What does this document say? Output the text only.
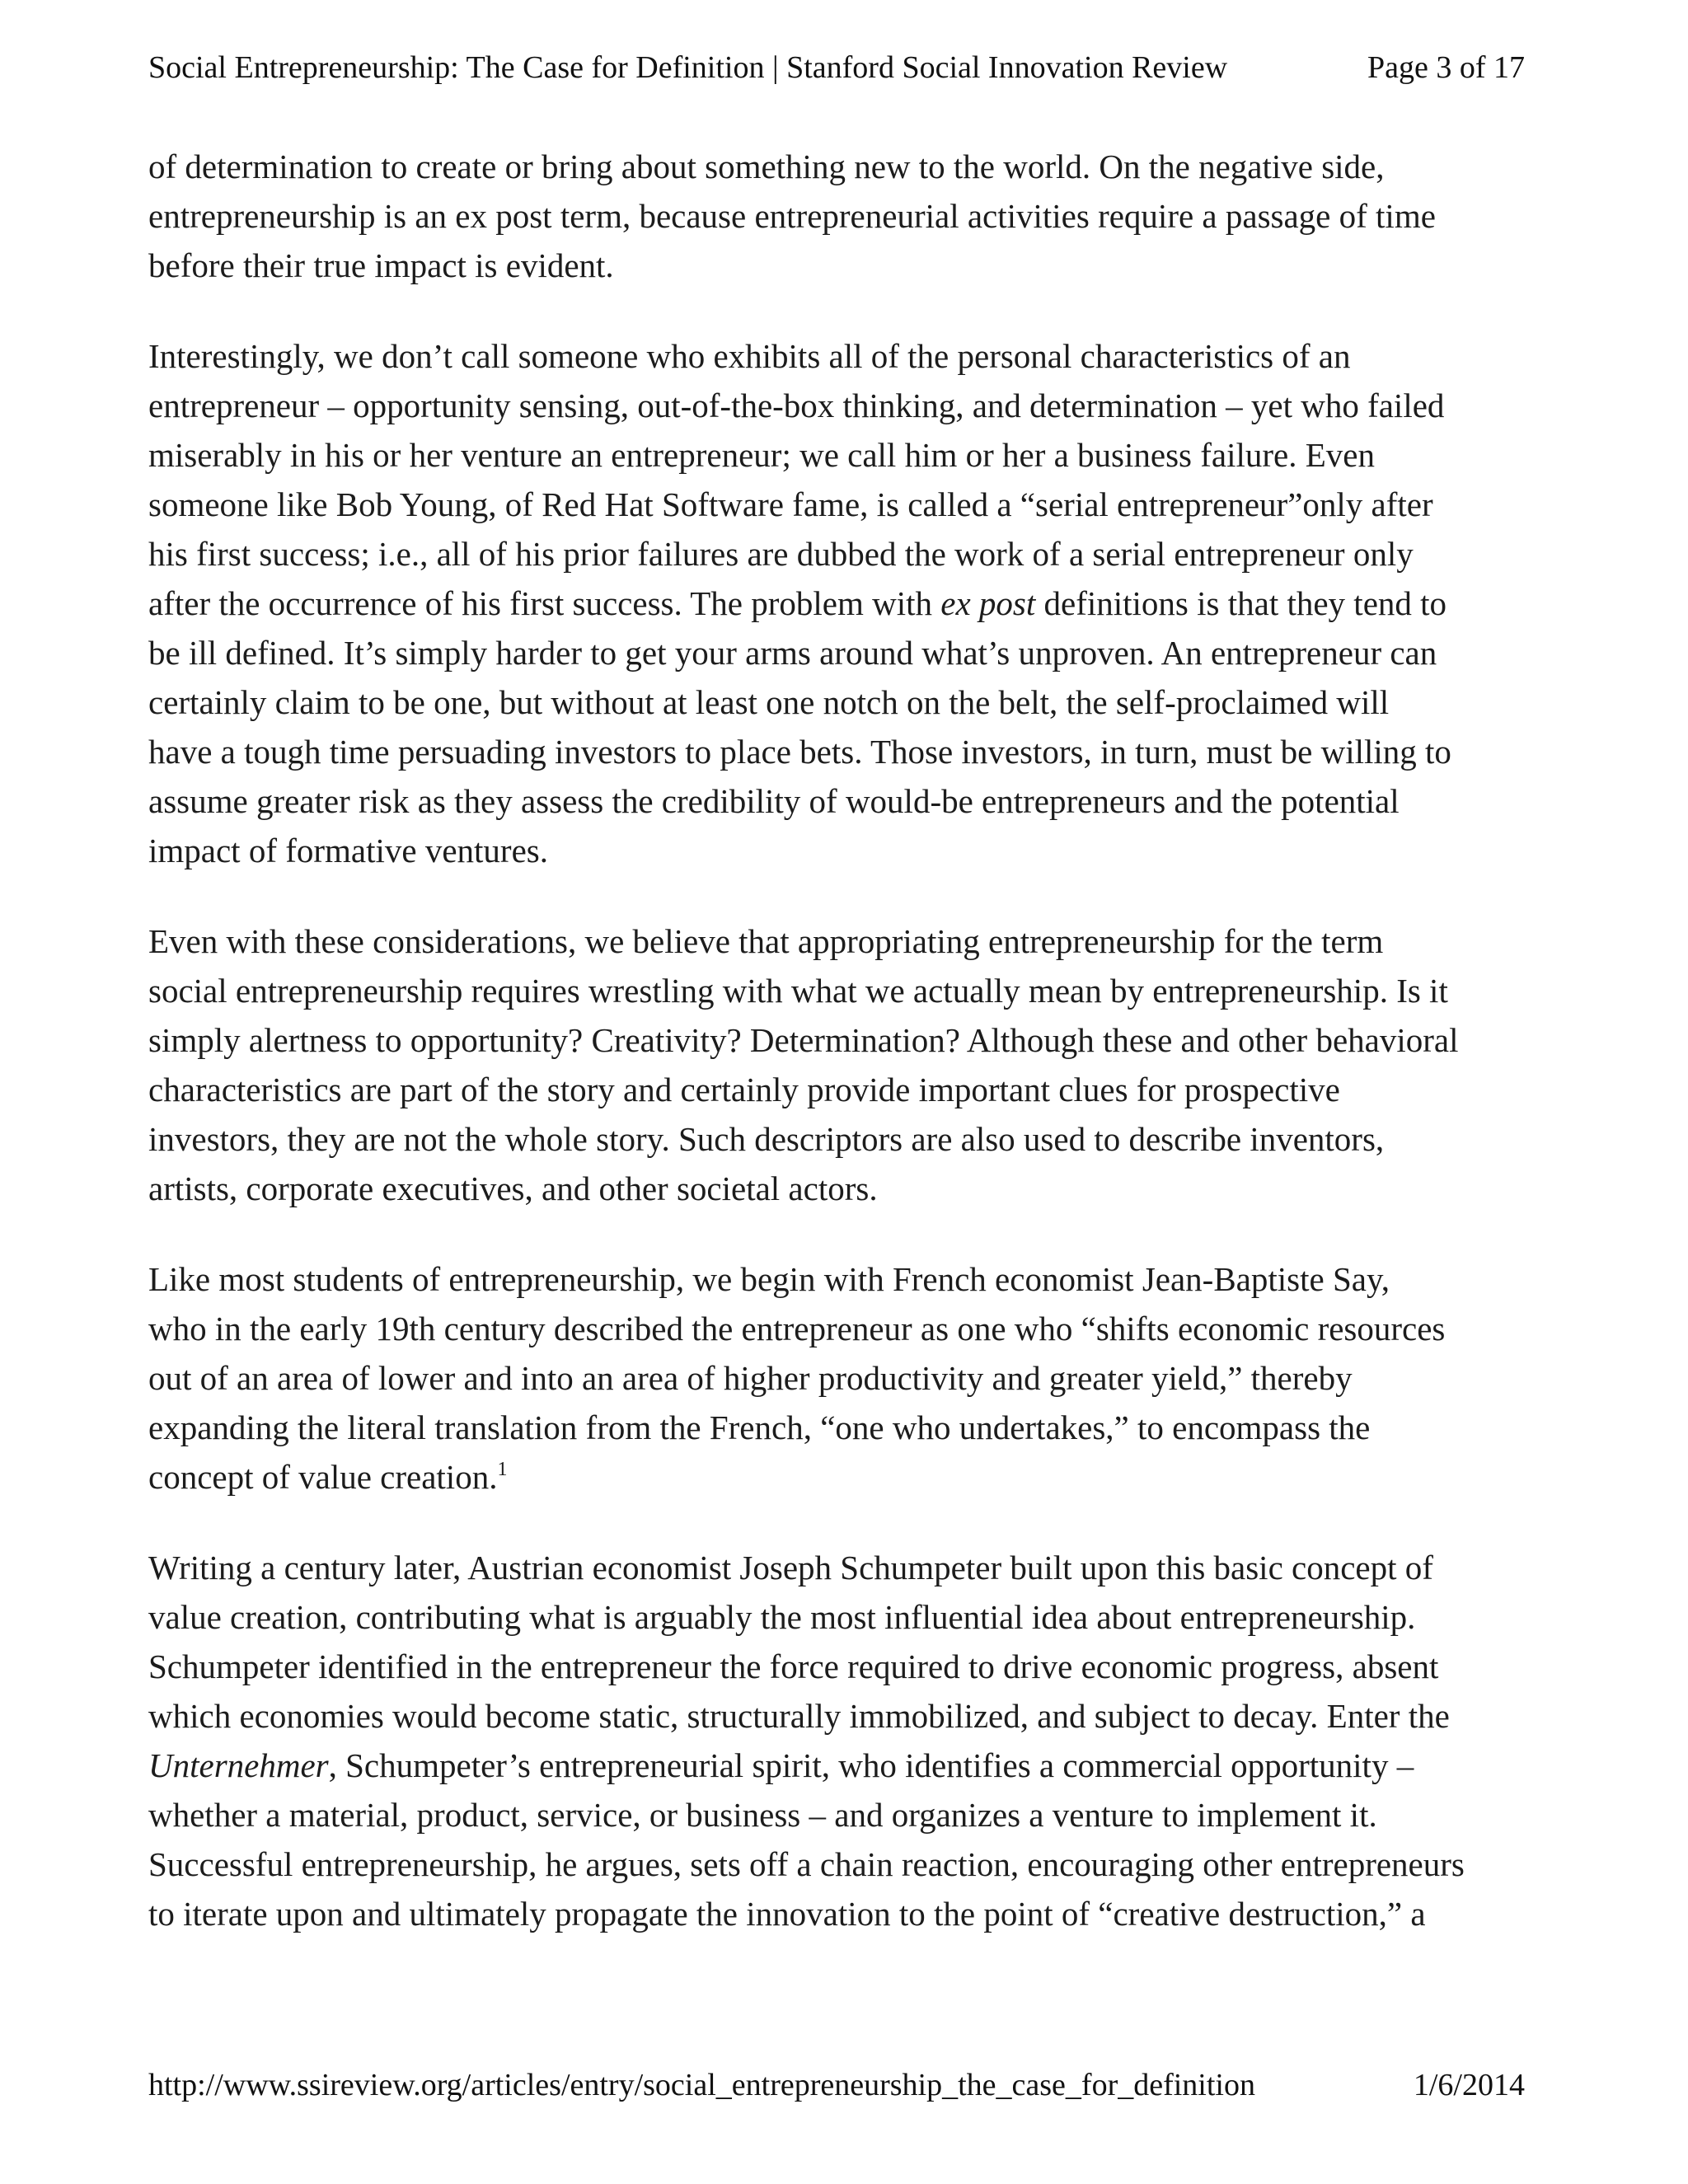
Social Entrepreneurship: The Case for Definition | Stanford Social Innovation Review	Page 3 of 17

of determination to create or bring about something new to the world. On the negative side,
entrepreneurship is an ex post term, because entrepreneurial activities require a passage of time
before their true impact is evident.

Interestingly, we don’t call someone who exhibits all of the personal characteristics of an
entrepreneur – opportunity sensing, out-of-the-box thinking, and determination – yet who failed
miserably in his or her venture an entrepreneur; we call him or her a business failure. Even
someone like Bob Young, of Red Hat Software fame, is called a “serial entrepreneur”only after
his first success; i.e., all of his prior failures are dubbed the work of a serial entrepreneur only
after the occurrence of his first success. The problem with ex post definitions is that they tend to
be ill defined. It’s simply harder to get your arms around what’s unproven. An entrepreneur can
certainly claim to be one, but without at least one notch on the belt, the self-proclaimed will
have a tough time persuading investors to place bets. Those investors, in turn, must be willing to
assume greater risk as they assess the credibility of would-be entrepreneurs and the potential
impact of formative ventures.

Even with these considerations, we believe that appropriating entrepreneurship for the term
social entrepreneurship requires wrestling with what we actually mean by entrepreneurship. Is it
simply alertness to opportunity? Creativity? Determination? Although these and other behavioral
characteristics are part of the story and certainly provide important clues for prospective
investors, they are not the whole story. Such descriptors are also used to describe inventors,
artists, corporate executives, and other societal actors.

Like most students of entrepreneurship, we begin with French economist Jean-Baptiste Say,
who in the early 19th century described the entrepreneur as one who “shifts economic resources
out of an area of lower and into an area of higher productivity and greater yield,” thereby
expanding the literal translation from the French, “one who undertakes,” to encompass the
concept of value creation.$^1$

Writing a century later, Austrian economist Joseph Schumpeter built upon this basic concept of
value creation, contributing what is arguably the most influential idea about entrepreneurship.
Schumpeter identified in the entrepreneur the force required to drive economic progress, absent
which economies would become static, structurally immobilized, and subject to decay. Enter the
Unternehmer, Schumpeter’s entrepreneurial spirit, who identifies a commercial opportunity –
whether a material, product, service, or business – and organizes a venture to implement it.
Successful entrepreneurship, he argues, sets off a chain reaction, encouraging other entrepreneurs
to iterate upon and ultimately propagate the innovation to the point of “creative destruction,” a

http://www.ssireview.org/articles/entry/social_entrepreneurship_the_case_for_definition	1/6/2014
